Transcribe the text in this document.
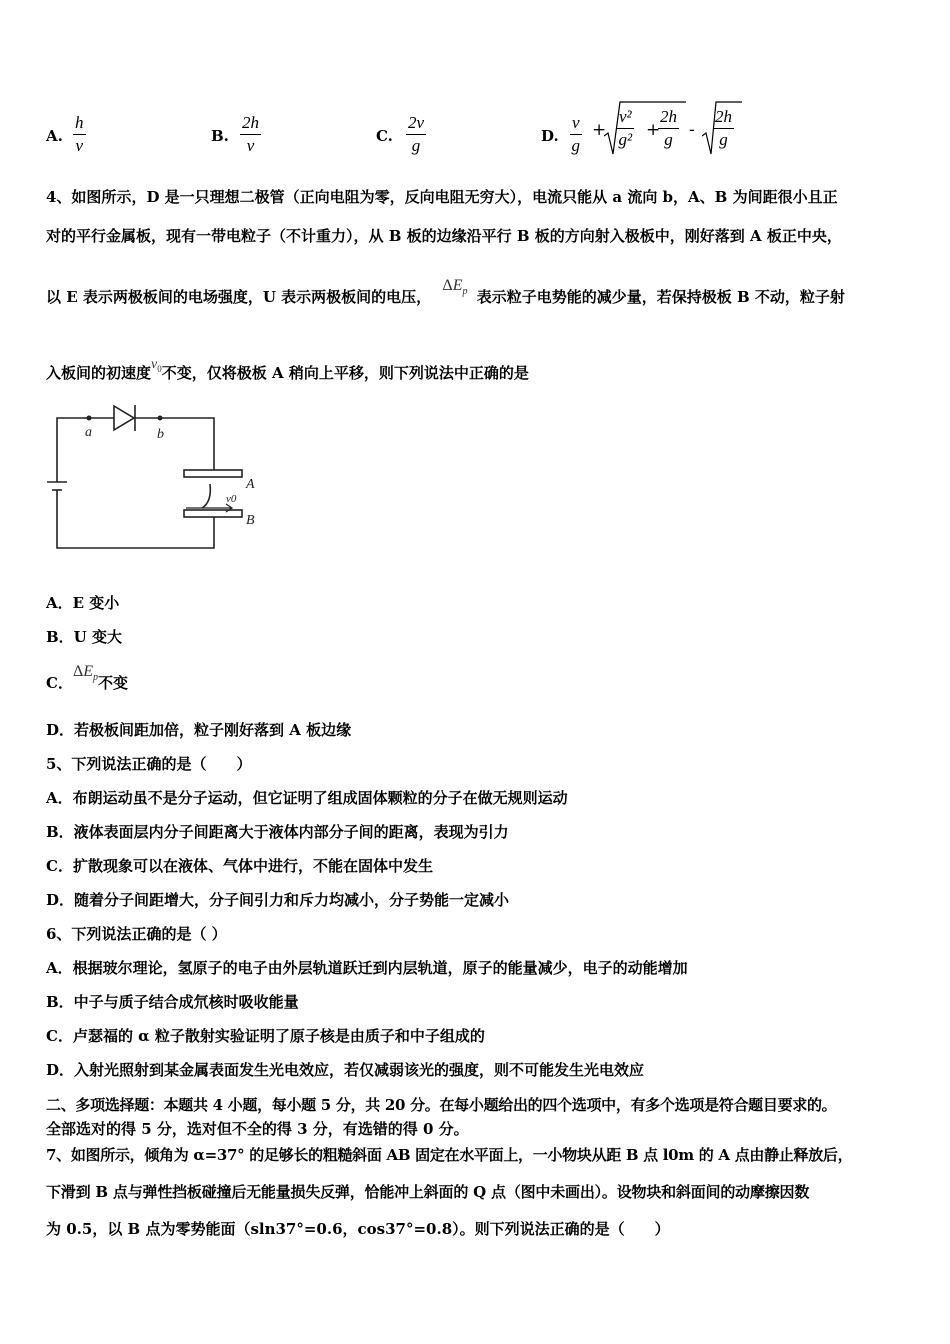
A. $\frac{h}{v}$	B. $\frac{2h}{v}$	C. $\frac{2v}{g}$	D. $\frac{v}{g} + \frac{\text{v²}}{\text{g²}}$ +
$\frac{2h}{g} - \frac{2h}{g}$
4、如图所示，D 是一只理想二极管（正向电阻为零，反向电阻无穷大），电流只能从 a 流向 b，A、B 为间距很小且正
对的平行金属板，现有一带电粒子（不计重力），从 B 板的边缘沿平行 B 板的方向射入极板中，刚好落到 A 板正中央，
以 E 表示两极板间的电场强度，U 表示两极板间的电压， $\Delta E_p$ 表示粒子电势能的减少量，若保持极板 B 不动，粒子射
入板间的初速度$v_0$不变，仅将极板 A 稍向上平移，则下列说法中正确的是
a	b
A
B
v0
A．E 变小
B．U 变大
C．$\Delta E_p$不变
D．若极板间距加倍，粒子刚好落到 A 板边缘
5、下列说法正确的是（　　）
A．布朗运动虽不是分子运动，但它证明了组成固体颗粒的分子在做无规则运动
B．液体表面层内分子间距离大于液体内部分子间的距离，表现为引力
C．扩散现象可以在液体、气体中进行，不能在固体中发生
D．随着分子间距增大，分子间引力和斥力均减小，分子势能一定减小
6、下列说法正确的是（ ）
A．根据玻尔理论，氢原子的电子由外层轨道跃迁到内层轨道，原子的能量减少，电子的动能增加
B．中子与质子结合成氘核时吸收能量
C．卢瑟福的 α 粒子散射实验证明了原子核是由质子和中子组成的
D．入射光照射到某金属表面发生光电效应，若仅减弱该光的强度，则不可能发生光电效应
二、多项选择题：本题共 4 小题，每小题 5 分，共 20 分。在每小题给出的四个选项中，有多个选项是符合题目要求的。
全部选对的得 5 分，选对但不全的得 3 分，有选错的得 0 分。
7、如图所示，倾角为 α=37° 的足够长的粗糙斜面 AB 固定在水平面上，一小物块从距 B 点 l0m 的 A 点由静止释放后，
下滑到 B 点与弹性挡板碰撞后无能量损失反弹，恰能冲上斜面的 Q 点（图中未画出）。设物块和斜面间的动摩擦因数
为 0.5，以 B 点为零势能面（sln37°=0.6，cos37°=0.8）。则下列说法正确的是（　　）
